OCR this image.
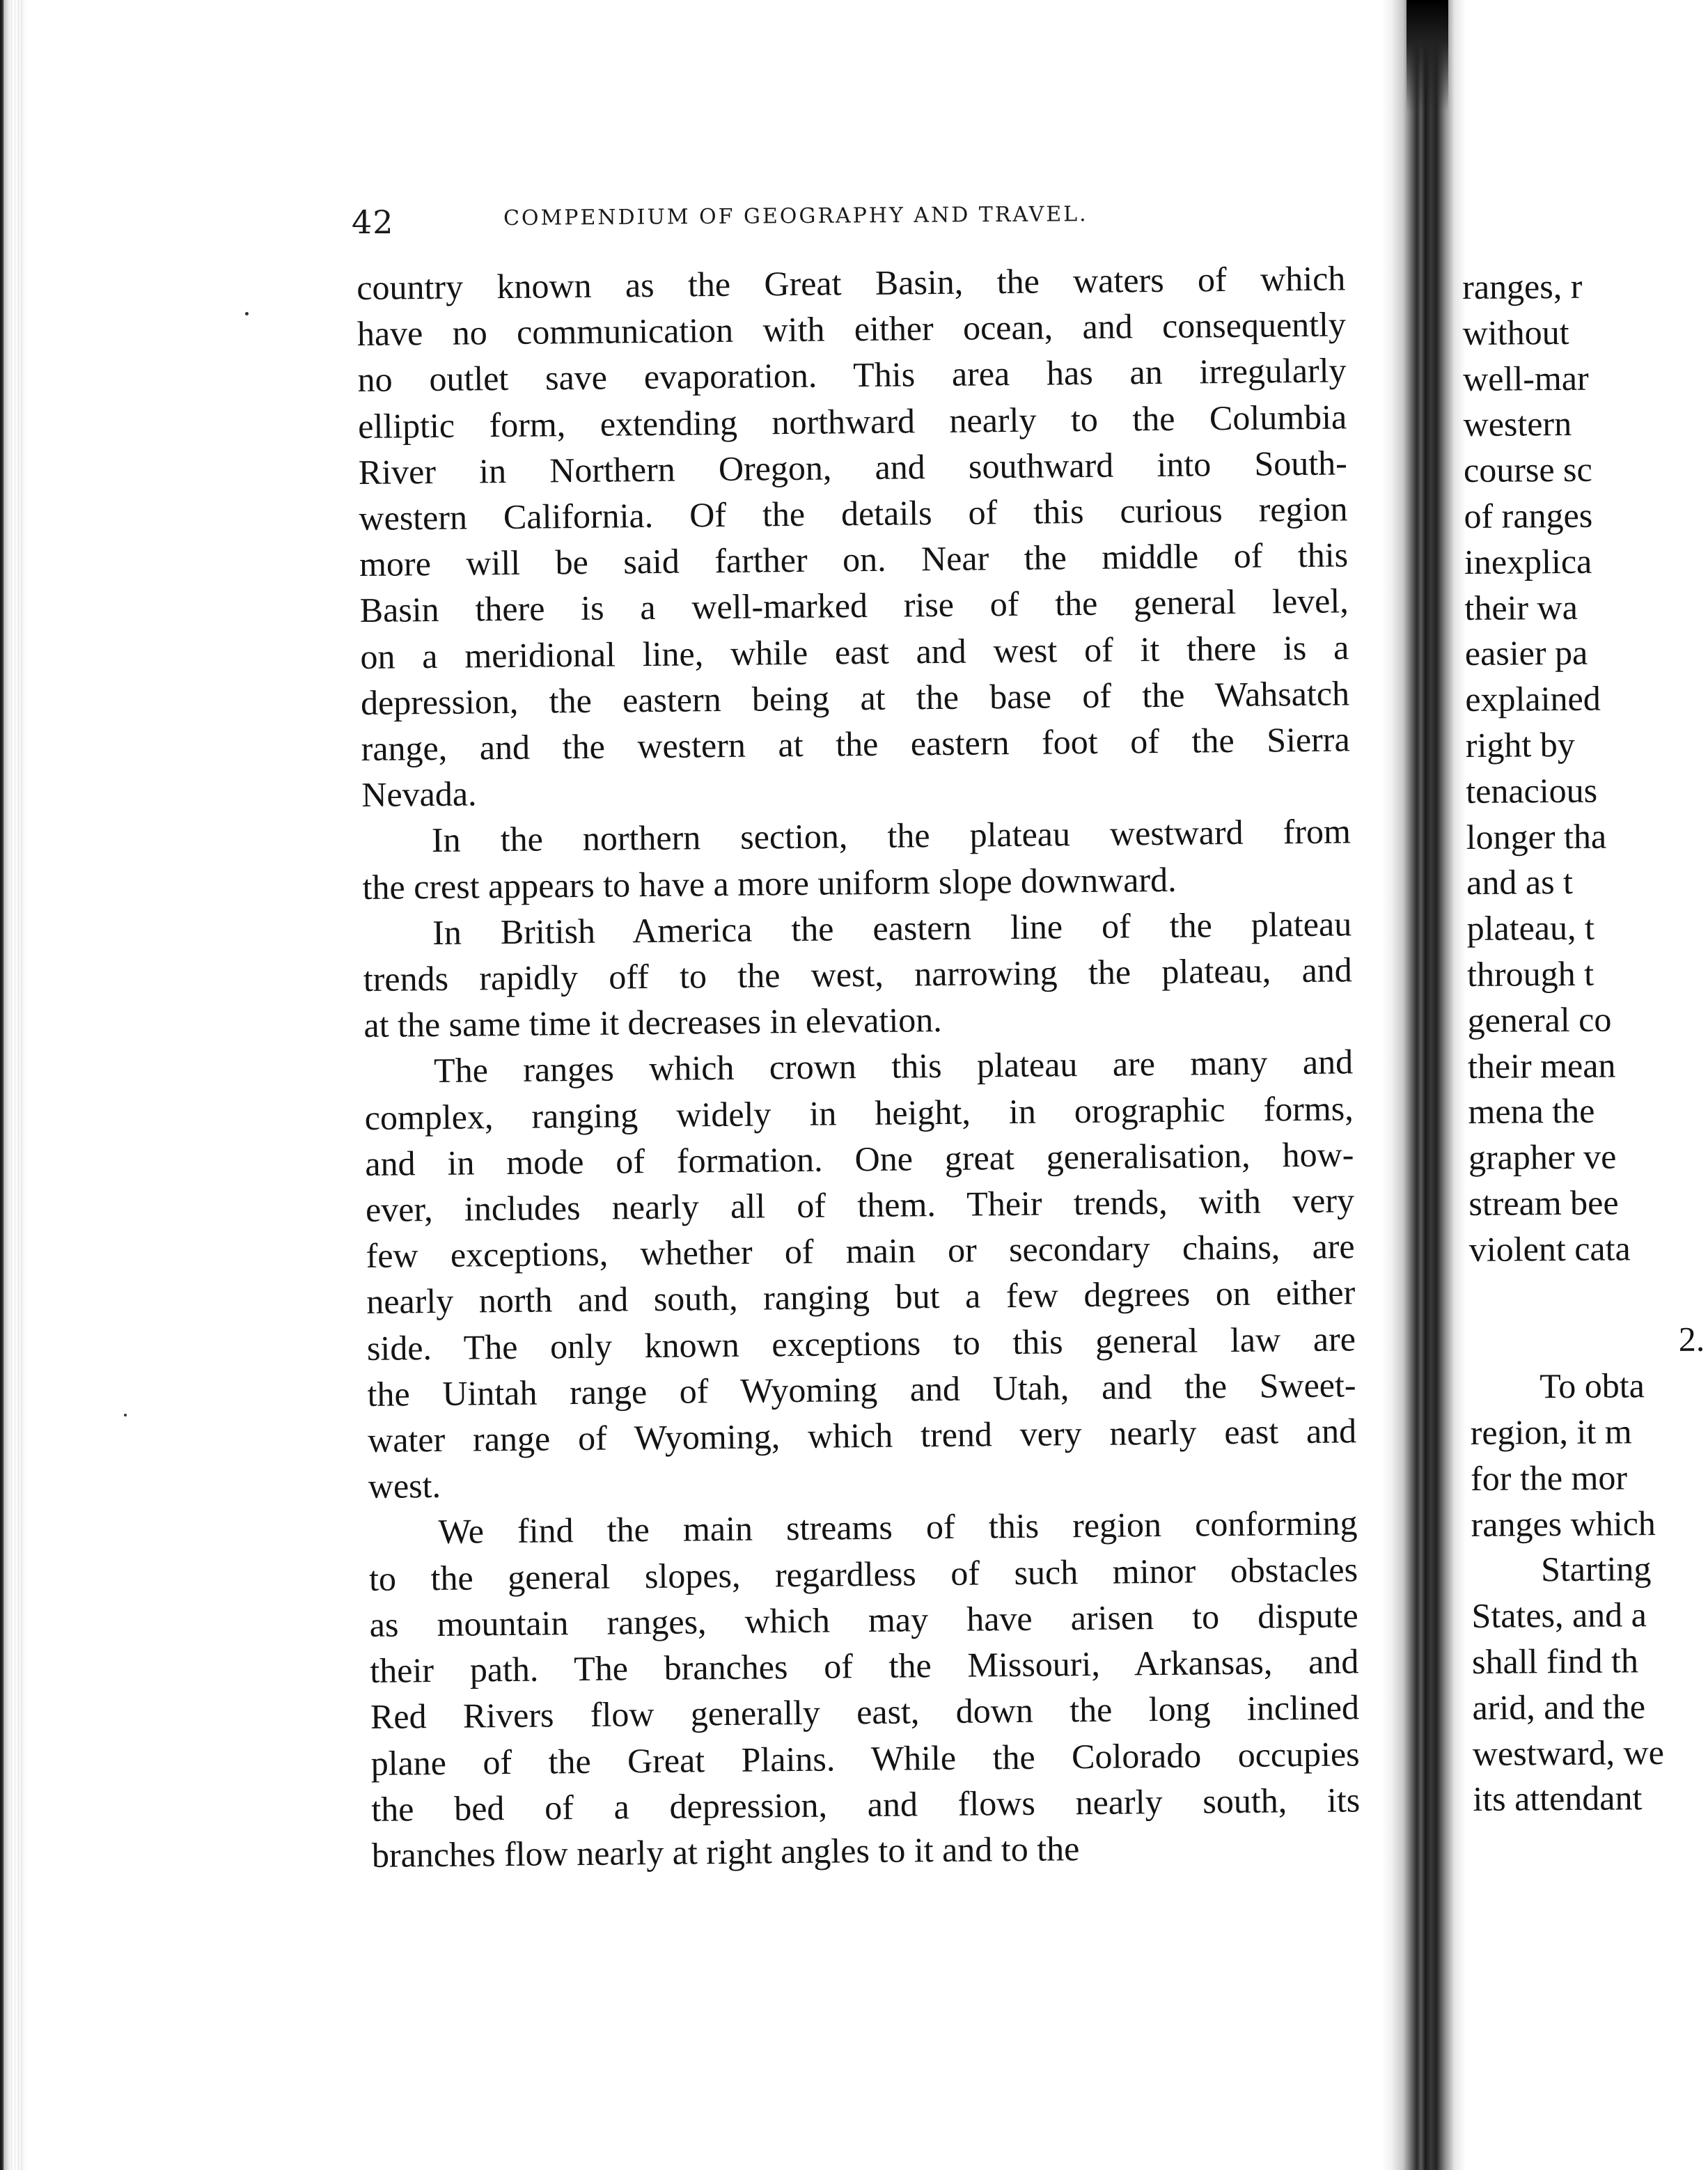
42	COMPENDIUM OF GEOGRAPHY AND TRAVEL.
country known as the Great Basin, the waters of which
have no communication with either ocean, and consequently
no outlet save evaporation. This area has an irregularly
elliptic form, extending northward nearly to the Columbia
River in Northern Oregon, and southward into South-
western California. Of the details of this curious region
more will be said farther on. Near the middle of this
Basin there is a well-marked rise of the general level,
on a meridional line, while east and west of it there is a
depression, the eastern being at the base of the Wahsatch
range, and the western at the eastern foot of the Sierra
Nevada.
In the northern section, the plateau westward from
the crest appears to have a more uniform slope downward.
In British America the eastern line of the plateau
trends rapidly off to the west, narrowing the plateau, and
at the same time it decreases in elevation.
The ranges which crown this plateau are many and
complex, ranging widely in height, in orographic forms,
and in mode of formation. One great generalisation, how-
ever, includes nearly all of them. Their trends, with very
few exceptions, whether of main or secondary chains, are
nearly north and south, ranging but a few degrees on either
side. The only known exceptions to this general law are
the Uintah range of Wyoming and Utah, and the Sweet-
water range of Wyoming, which trend very nearly east and
west.
We find the main streams of this region conforming
to the general slopes, regardless of such minor obstacles
as mountain ranges, which may have arisen to dispute
their path. The branches of the Missouri, Arkansas, and
Red Rivers flow generally east, down the long inclined
plane of the Great Plains. While the Colorado occupies
the bed of a depression, and flows nearly south, its
branches flow nearly at right angles to it and to the
ranges, r
without
well-mar
western
course sc
of ranges
inexplica
their wa
easier pa
explained
right by
tenacious
longer tha
and as t
plateau, t
through t
general co
their mean
mena the
grapher ve
stream bee
violent cata

2.
To obta
region, it m
for the mor
ranges which
Starting
States, and a
shall find th
arid, and the
westward, we
its attendant
